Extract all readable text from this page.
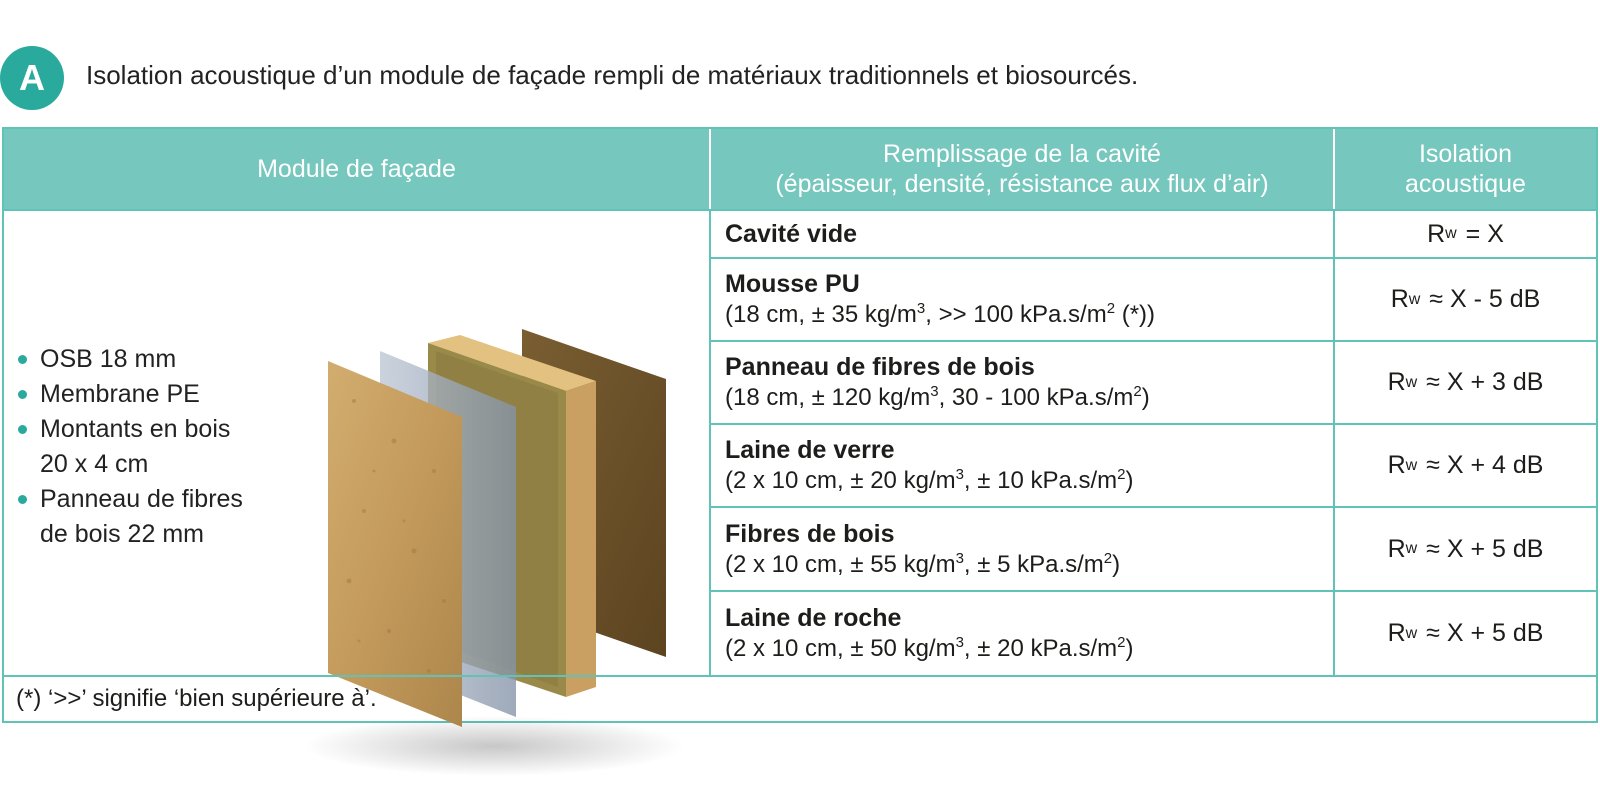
A	Isolation acoustique d’un module de façade rempli de matériaux traditionnels et biosourcés.
Module de façade
Remplissage de la cavité
(épaisseur, densité, résistance aux flux d’air)
Isolation
acoustique
OSB 18 mm
Membrane PE
Montants en bois
20 x 4 cm
Panneau de fibres
de bois 22 mm
Cavité vide	R w
= X
Mousse PU
(18 cm, ± 35 $kg/m^3$, >> 100 $kPa.s/m^2$ (*))
R w
≈ X - 5 dB
Panneau de fibres de bois
(18 cm, ± 120 $kg/m^3$, 30 - 100 $kPa.s/m^2$)
R w
≈ X + 3 dB
Laine de verre
(2 x 10 cm, ± 20 $kg/m^3$, ± 10 $kPa.s/m^2$)
R w
≈ X + 4 dB
Fibres de bois
(2 x 10 cm, ± 55 $kg/m^3$, ± 5 $kPa.s/m^2$)
R w
≈ X + 5 dB
Laine de roche
(2 x 10 cm, ± 50 $kg/m^3$, ± 20 $kPa.s/m^2$)
R w
≈ X + 5 dB
(*) ‘>>’ signifie ‘bien supérieure à’.
